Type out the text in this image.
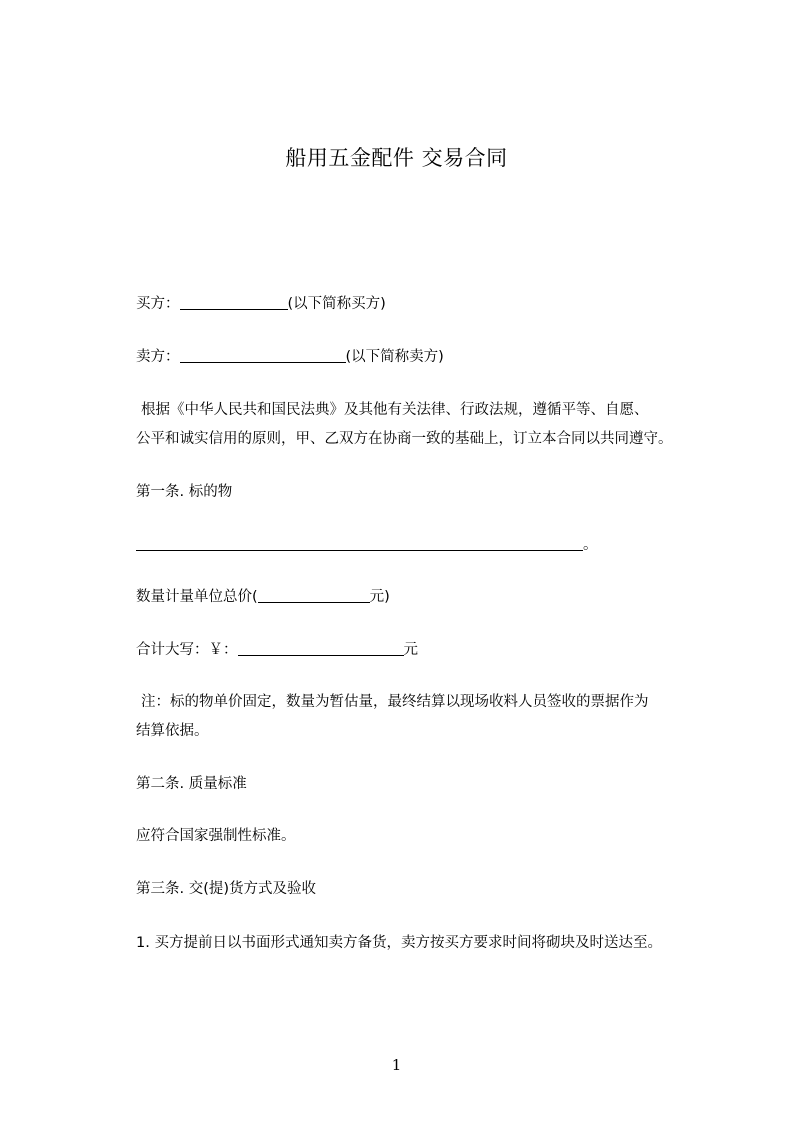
船用五金配件 交易合同
买方：	(以下简称买方)
卖方：	(以下简称卖方)
根据《中华人民共和国民法典》及其他有关法律、行政法规，遵循平等、自愿、
公平和诚实信用的原则，甲、乙双方在协商一致的基础上，订立本合同以共同遵守。
第一条. 标的物
。
数量计量单位总价(	元)
合计大写：￥：	元
注：标的物单价固定，数量为暂估量，最终结算以现场收料人员签收的票据作为
结算依据。
第二条. 质量标准
应符合国家强制性标准。
第三条. 交(提)货方式及验收
1. 买方提前日以书面形式通知卖方备货，卖方按买方要求时间将砌块及时送达至。
1
